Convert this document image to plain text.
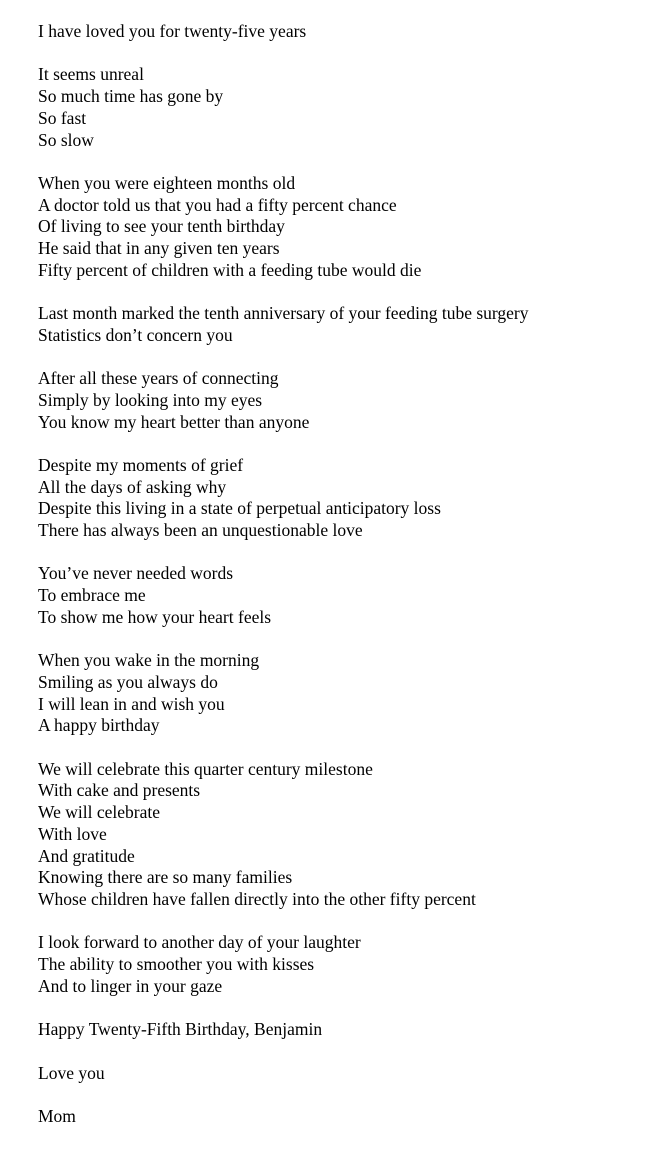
I have loved you for twenty-five years
It seems unreal
So much time has gone by
So fast
So slow
When you were eighteen months old
A doctor told us that you had a fifty percent chance
Of living to see your tenth birthday
He said that in any given ten years
Fifty percent of children with a feeding tube would die
Last month marked the tenth anniversary of your feeding tube surgery
Statistics don’t concern you
After all these years of connecting
Simply by looking into my eyes
You know my heart better than anyone
Despite my moments of grief
All the days of asking why
Despite this living in a state of perpetual anticipatory loss
There has always been an unquestionable love
You’ve never needed words
To embrace me
To show me how your heart feels
When you wake in the morning
Smiling as you always do
I will lean in and wish you
A happy birthday
We will celebrate this quarter century milestone
With cake and presents
We will celebrate
With love
And gratitude
Knowing there are so many families
Whose children have fallen directly into the other fifty percent
I look forward to another day of your laughter
The ability to smoother you with kisses
And to linger in your gaze
Happy Twenty-Fifth Birthday, Benjamin
Love you
Mom
